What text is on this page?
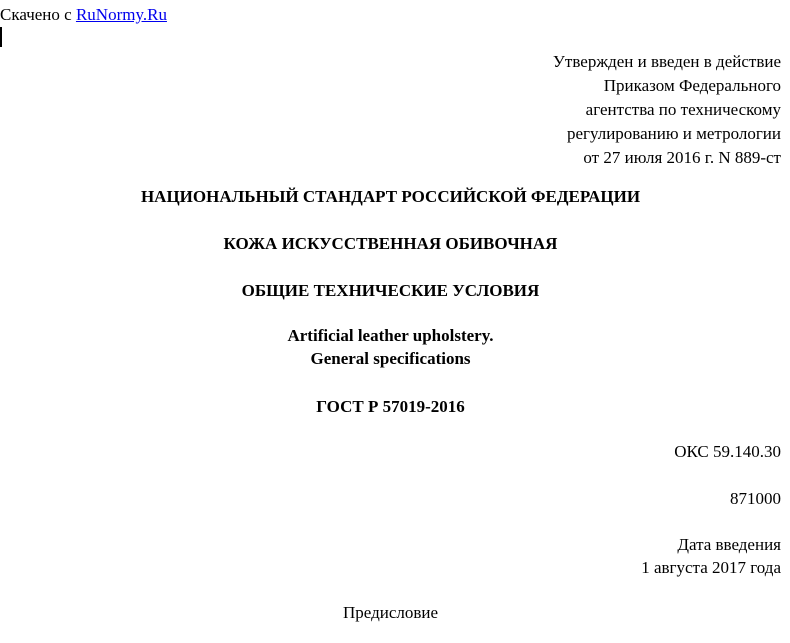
Скачено с RuNormy.Ru
Утвержден и введен в действие
Приказом Федерального
агентства по техническому
регулированию и метрологии
от 27 июля 2016 г. N 889-ст
НАЦИОНАЛЬНЫЙ СТАНДАРТ РОССИЙСКОЙ ФЕДЕРАЦИИ
КОЖА ИСКУССТВЕННАЯ ОБИВОЧНАЯ
ОБЩИЕ ТЕХНИЧЕСКИЕ УСЛОВИЯ
Artificial leather upholstery.
General specifications
ГОСТ Р 57019-2016
ОКС 59.140.30
871000
Дата введения
1 августа 2017 года
Предисловие
